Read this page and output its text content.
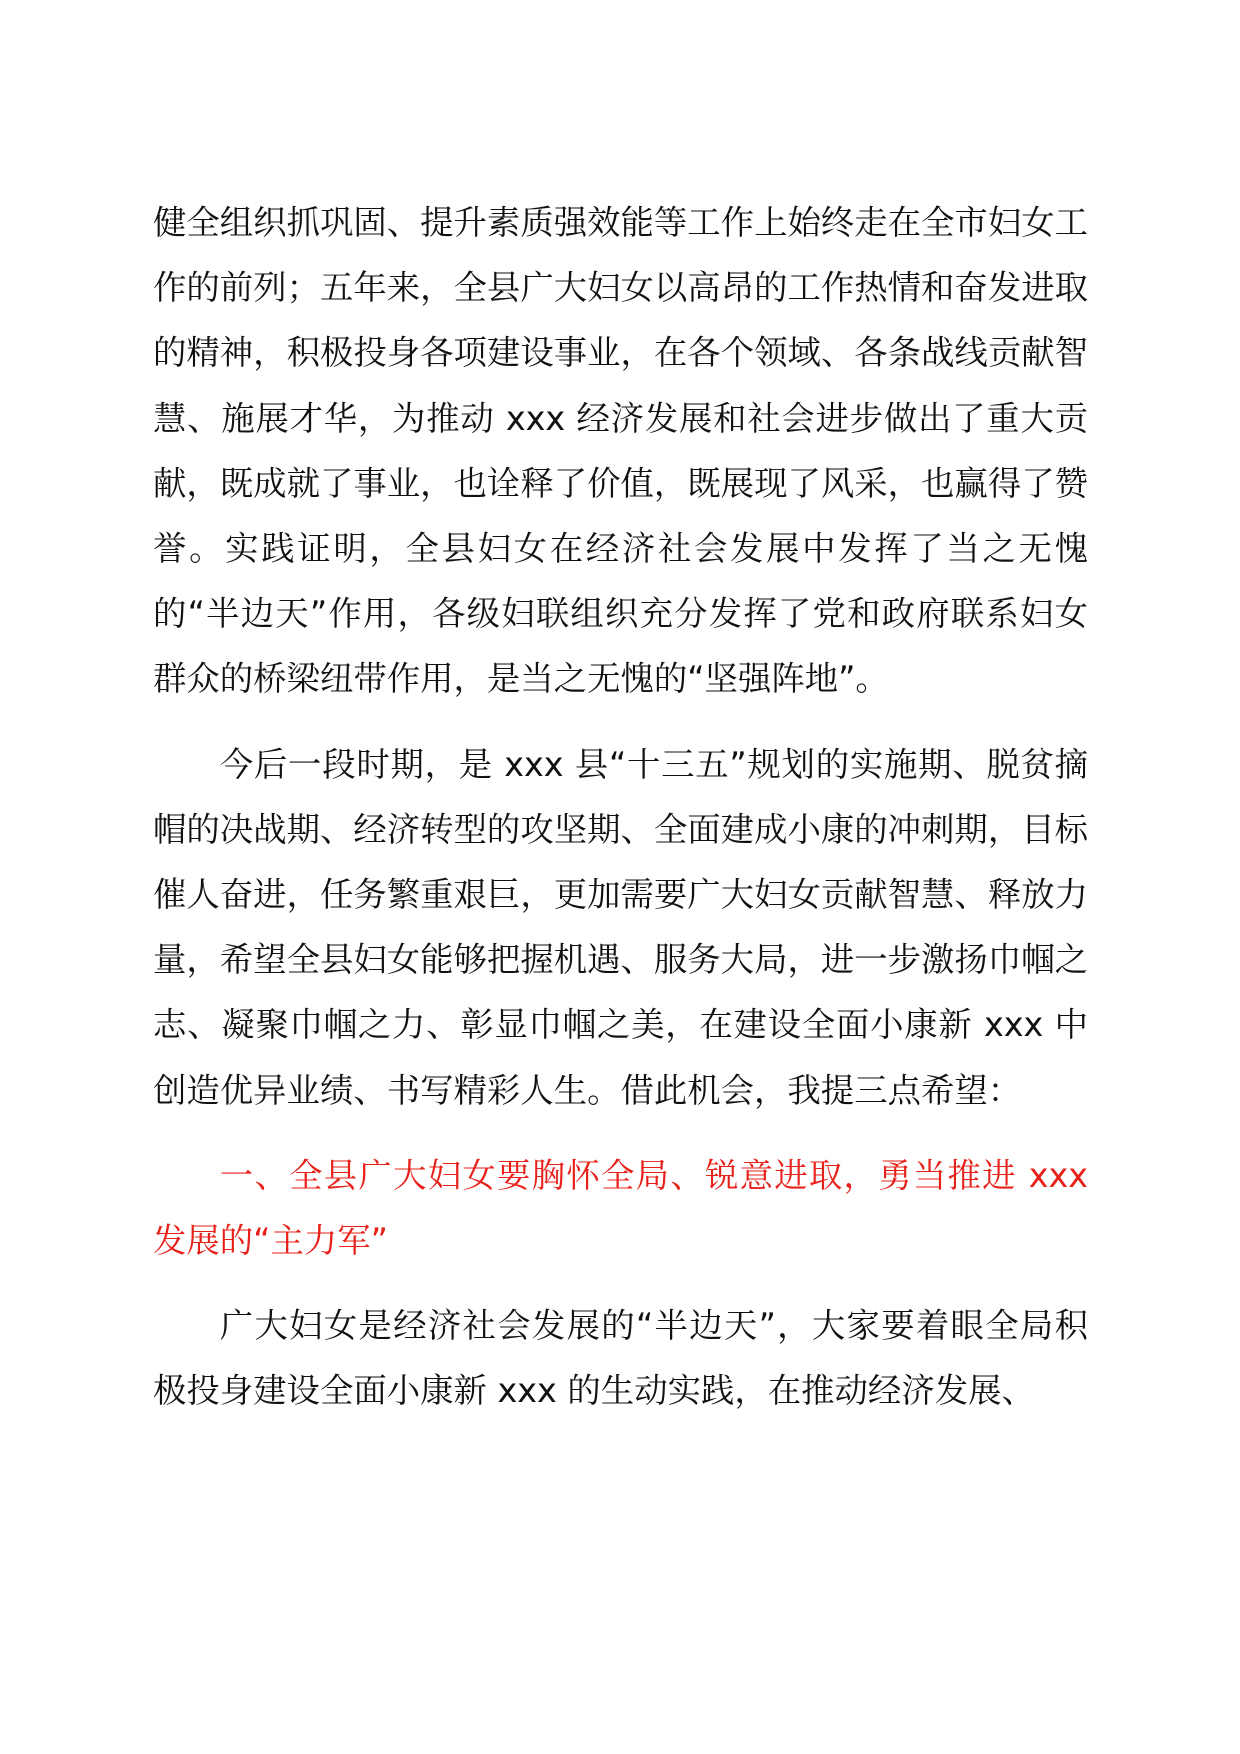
健全组织抓巩固、提升素质强效能等工作上始终走在全市妇女工作的前列；五年来，全县广大妇女以高昂的工作热情和奋发进取的精神，积极投身各项建设事业，在各个领域、各条战线贡献智慧、施展才华，为推动 xxx 经济发展和社会进步做出了重大贡献，既成就了事业，也诠释了价值，既展现了风采，也赢得了赞誉。实践证明，全县妇女在经济社会发展中发挥了当之无愧的“半边天”作用，各级妇联组织充分发挥了党和政府联系妇女群众的桥梁纽带作用，是当之无愧的“坚强阵地”。

今后一段时期，是 xxx 县“十三五”规划的实施期、脱贫摘帽的决战期、经济转型的攻坚期、全面建成小康的冲刺期，目标催人奋进，任务繁重艰巨，更加需要广大妇女贡献智慧、释放力量，希望全县妇女能够把握机遇、服务大局，进一步激扬巾帼之志、凝聚巾帼之力、彰显巾帼之美，在建设全面小康新 xxx 中创造优异业绩、书写精彩人生。借此机会，我提三点希望：

一、全县广大妇女要胸怀全局、锐意进取，勇当推进 xxx 发展的“主力军”

广大妇女是经济社会发展的“半边天”，大家要着眼全局积极投身建设全面小康新 xxx 的生动实践，在推动经济发展、
